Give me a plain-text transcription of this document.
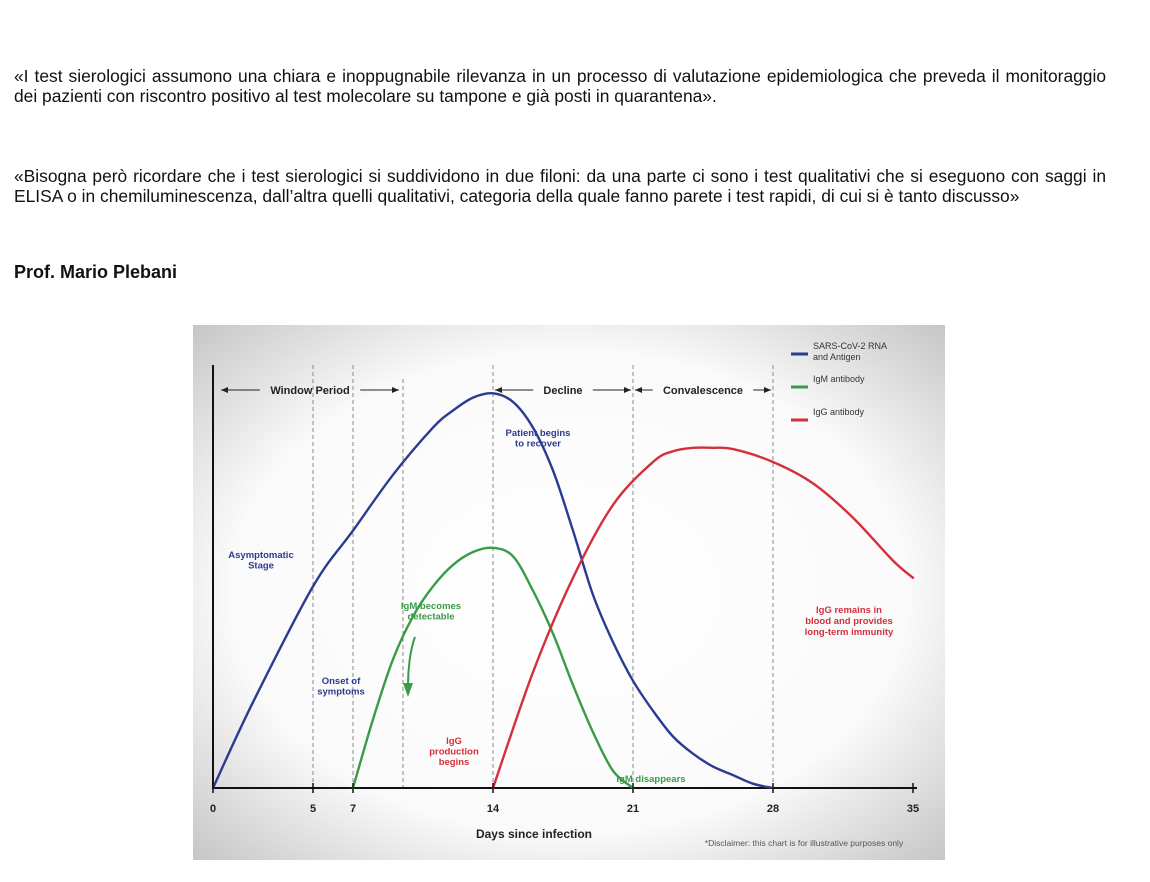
«I test sierologici assumono una chiara e inoppugnabile rilevanza in un processo di valutazione epidemiologica che preveda il monitoraggio dei pazienti con riscontro positivo al test molecolare su tampone e già posti in quarantena».

«Bisogna però ricordare che i test sierologici si suddividono in due filoni: da una parte ci sono i test qualitativi che si eseguono con saggi in ELISA o in chemiluminescenza, dall’altra quelli qualitativi, categoria della quale fanno parete i test rapidi, di cui si è tanto discusso»

Prof. Mario Plebani

0	5	7	14	21	28	35
Window Period	Decline	Convalescence
Asymptomatic
Stage
Onset of
symptoms
Patient begins
to recover
IgM becomes
detectable
IgG
production
begins
IgM disappears
IgG remains in
blood and provides
long-term immunity
SARS-CoV-2 RNA
and Antigen
IgM antibody
IgG antibody
Days since infection
*Disclaimer: this chart is for illustrative purposes only
